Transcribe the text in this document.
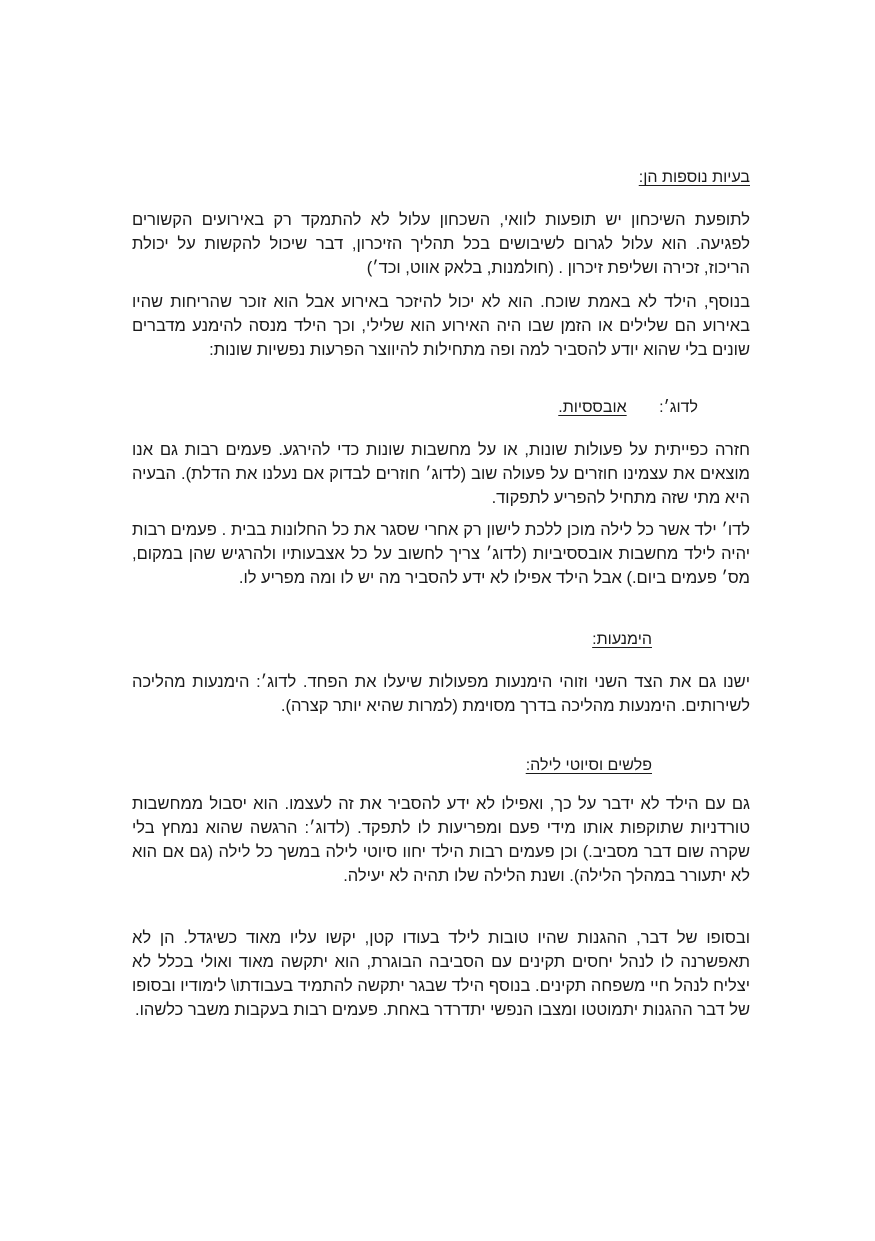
בעיות נוספות הן:

לתופעת השיכחון יש תופעות לוואי, השכחון עלול לא להתמקד רק באירועים הקשורים לפגיעה. הוא עלול לגרום לשיבושים בכל תהליך הזיכרון, דבר שיכול להקשות על יכולת הריכוז, זכירה ושליפת זיכרון . (חולמנות, בלאק אווט, וכד׳)

בנוסף, הילד לא באמת שוכח. הוא לא יכול להיזכר באירוע אבל הוא זוכר שהריחות שהיו באירוע הם שלילים או הזמן שבו היה האירוע הוא שלילי, וכך הילד מנסה להימנע מדברים שונים בלי שהוא יודע להסביר למה ופה מתחילות להיווצר הפרעות נפשיות שונות:

לדוג׳: אובססיות.

חזרה כפייתית על פעולות שונות, או על מחשבות שונות כדי להירגע. פעמים רבות גם אנו מוצאים את עצמינו חוזרים על פעולה שוב (לדוג׳ חוזרים לבדוק אם נעלנו את הדלת). הבעיה היא מתי שזה מתחיל להפריע לתפקוד.

לדו׳ ילד אשר כל לילה מוכן ללכת לישון רק אחרי שסגר את כל החלונות בבית . פעמים רבות יהיה לילד מחשבות אובססיביות (לדוג׳ צריך לחשוב על כל אצבעותיו ולהרגיש שהן במקום, מס׳ פעמים ביום.) אבל הילד אפילו לא ידע להסביר מה יש לו ומה מפריע לו.

הימנעות:

ישנו גם את הצד השני וזוהי הימנעות מפעולות שיעלו את הפחד. לדוג׳: הימנעות מהליכה לשירותים. הימנעות מהליכה בדרך מסוימת (למרות שהיא יותר קצרה).

פלשים וסיוטי לילה:

גם עם הילד לא ידבר על כך, ואפילו לא ידע להסביר את זה לעצמו. הוא יסבול ממחשבות טורדניות שתוקפות אותו מידי פעם ומפריעות לו לתפקד. (לדוג׳: הרגשה שהוא נמחץ בלי שקרה שום דבר מסביב.) וכן פעמים רבות הילד יחוו סיוטי לילה במשך כל לילה (גם אם הוא לא יתעורר במהלך הלילה). ושנת הלילה שלו תהיה לא יעילה.

ובסופו של דבר, ההגנות שהיו טובות לילד בעודו קטן, יקשו עליו מאוד כשיגדל. הן לא תאפשרנה לו לנהל יחסים תקינים עם הסביבה הבוגרת, הוא יתקשה מאוד ואולי בכלל לא יצליח לנהל חיי משפחה תקינים. בנוסף הילד שבגר יתקשה להתמיד בעבודתו\ לימודיו ובסופו של דבר ההגנות יתמוטטו ומצבו הנפשי יתדרדר באחת. פעמים רבות בעקבות משבר כלשהו.
